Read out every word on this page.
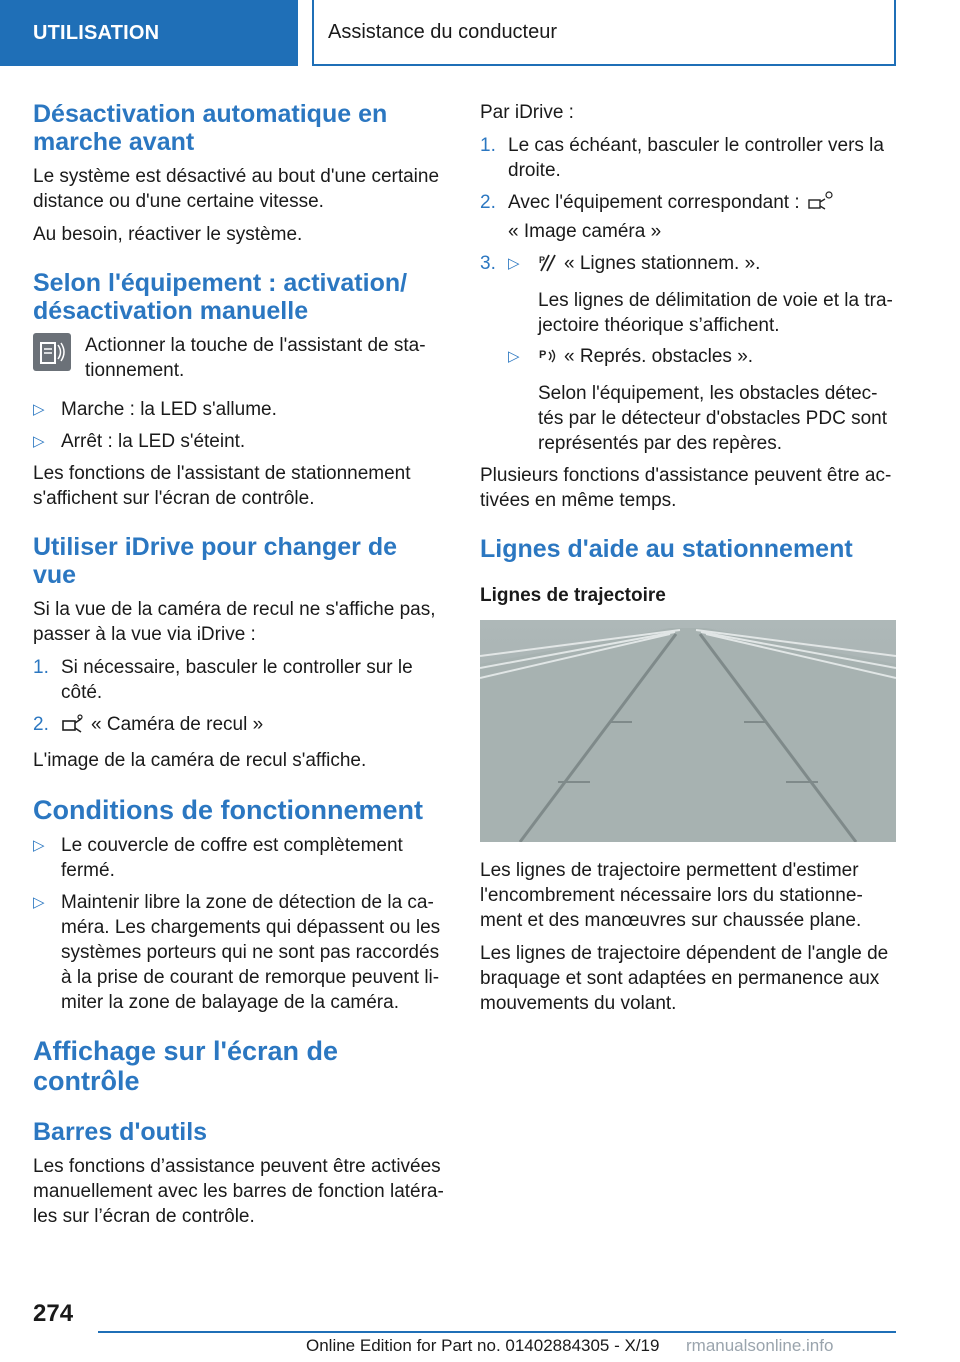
UTILISATION	Assistance du conducteur
Désactivation automatique en marche avant

Le système est désactivé au bout d'une certaine distance ou d'une certaine vitesse.

Au besoin, réactiver le système.

Selon l'équipement : activation/ désactivation manuelle
Actionner la touche de l'assistant de sta- tionnement.
▷ Marche : la LED s'allume.
▷ Arrêt : la LED s'éteint.

Les fonctions de l'assistant de stationnement s'affichent sur l'écran de contrôle.

Utiliser iDrive pour changer de vue

Si la vue de la caméra de recul ne s'affiche pas, passer à la vue via iDrive :

1. Si nécessaire, basculer le controller sur le côté.
2. « Caméra de recul »

L'image de la caméra de recul s'affiche.

Conditions de fonctionnement
▷ Le couvercle de coffre est complètement fermé.
▷ Maintenir libre la zone de détection de la ca- méra. Les chargements qui dépassent ou les systèmes porteurs qui ne sont pas raccordés à la prise de courant de remorque peuvent li- miter la zone de balayage de la caméra.
Affichage sur l'écran de contrôle
Barres d'outils

Les fonctions d’assistance peuvent être activées manuellement avec les barres de fonction latéra- les sur l’écran de contrôle.

Par iDrive :

1. Le cas échéant, basculer le controller vers la droite.
2. Avec l'équipement correspondant :
« Image caméra »
3. ▷ P « Lignes stationnem. ».
Les lignes de délimitation de voie et la tra- jectoire théorique s’affichent.
▷ P « Représ. obstacles ».
Selon l'équipement, les obstacles détec- tés par le détecteur d'obstacles PDC sont représentés par des repères.

Plusieurs fonctions d'assistance peuvent être ac- tivées en même temps.

Lignes d'aide au stationnement
Lignes de trajectoire

Les lignes de trajectoire permettent d'estimer l'encombrement nécessaire lors du stationne- ment et des manœuvres sur chaussée plane.

Les lignes de trajectoire dépendent de l'angle de braquage et sont adaptées en permanence aux mouvements du volant.

274
Online Edition for Part no. 01402884305 - X/19 rmanualsonline.info
